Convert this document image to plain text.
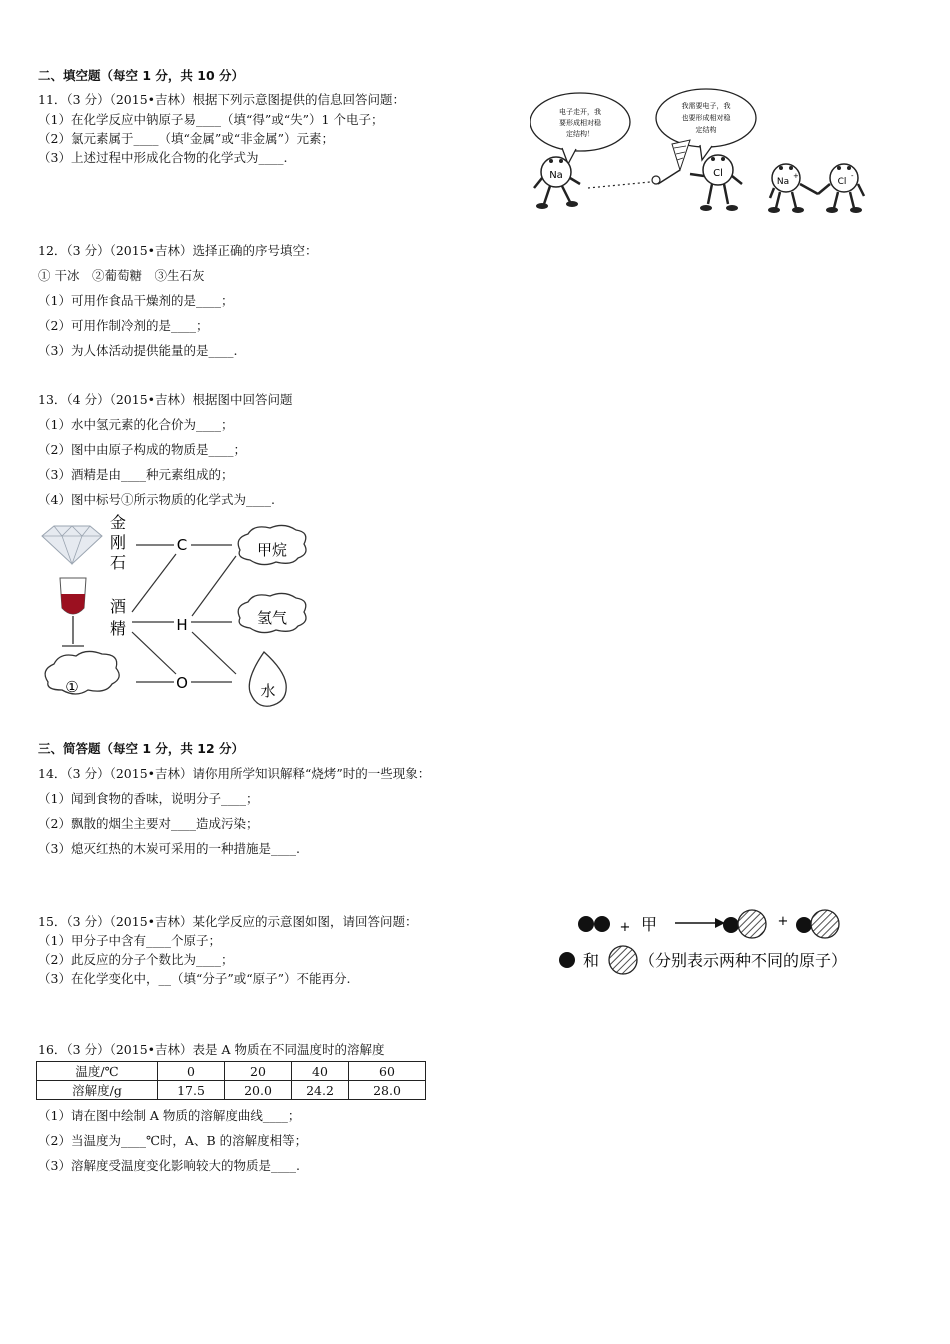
二、填空题（每空 1 分，共 10 分）
11．（3 分）（2015•吉林）根据下列示意图提供的信息回答问题：
（1）在化学反应中钠原子易____（填“得”或“失”）1 个电子；
（2）氯元素属于____（填“金属”或“非金属”）元素；
（3）上述过程中形成化合物的化学式为____.
电子走开，我
要形成相对稳
定结构！
我需要电子，我
也要形成相对稳
定结构
Na	Cl
Na
+
Cl
-
12．（3 分）（2015•吉林）选择正确的序号填空：
① 干冰　②葡萄糖　③生石灰
（1）可用作食品干燥剂的是____；
（2）可用作制冷剂的是____；
（3）为人体活动提供能量的是____.
13．（4 分）（2015•吉林）根据图中回答问题
（1）水中氢元素的化合价为____；
（2）图中由原子构成的物质是____；
（3）酒精是由____种元素组成的；
（4）图中标号①所示物质的化学式为____.
金
刚
石
酒
精
①
C
H
O
甲烷
氢气
水
三、简答题（每空 1 分，共 12 分）
14．（3 分）（2015•吉林）请你用所学知识解释“烧烤”时的一些现象：
（1）闻到食物的香味，说明分子____；
（2）飘散的烟尘主要对____造成污染；
（3）熄灭红热的木炭可采用的一种措施是____.
15．（3 分）（2015•吉林）某化学反应的示意图如图，请回答问题：
（1）甲分子中含有____个原子；
（2）此反应的分子个数比为____；
（3）在化学变化中，__（填“分子”或“原子”）不能再分.
+ 甲	+
和 （分别表示两种不同的原子）
16．（3 分）（2015•吉林）表是 A 物质在不同温度时的溶解度
温度/℃	0	20	40	60
溶解度/g	17.5	20.0	24.2	28.0
（1）请在图中绘制 A 物质的溶解度曲线____；
（2）当温度为____℃时，A、B 的溶解度相等；
（3）溶解度受温度变化影响较大的物质是____.
